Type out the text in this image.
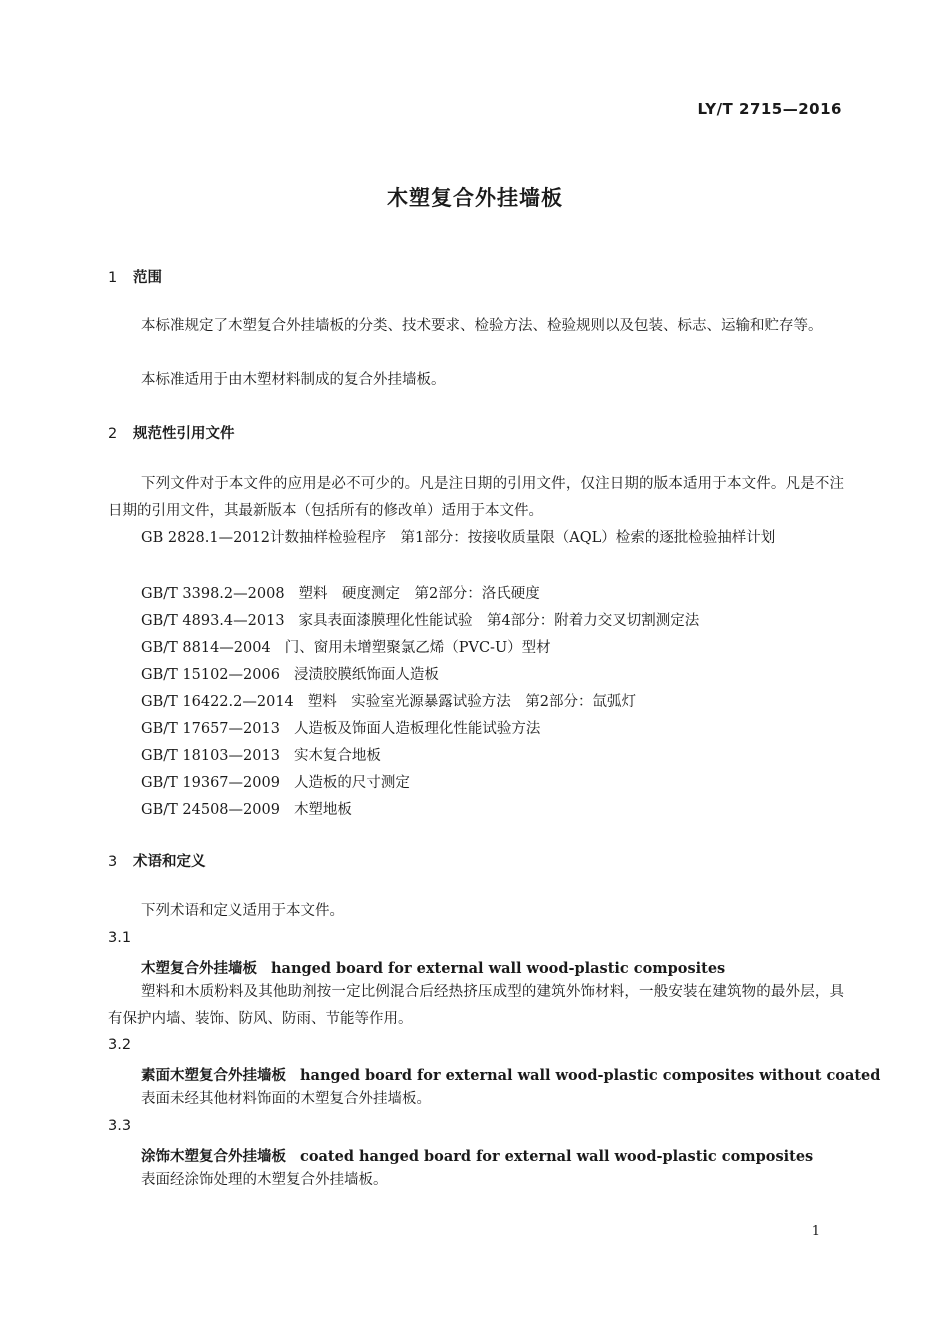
LY/T 2715—2016
木塑复合外挂墙板
1 范围
本标准规定了木塑复合外挂墙板的分类、技术要求、检验方法、检验规则以及包装、标志、运输和贮存等。
本标准适用于由木塑材料制成的复合外挂墙板。
2 规范性引用文件
下列文件对于本文件的应用是必不可少的。凡是注日期的引用文件，仅注日期的版本适用于本文件。凡是不注日期的引用文件，其最新版本（包括所有的修改单）适用于本文件。
GB 2828.1—2012计数抽样检验程序　第1部分：按接收质量限（AQL）检索的逐批检验抽样计划
GB/T 3398.2—2008 塑料　硬度测定　第2部分：洛氏硬度
GB/T 4893.4—2013 家具表面漆膜理化性能试验　第4部分：附着力交叉切割测定法
GB/T 8814—2004 门、窗用未增塑聚氯乙烯（PVC-U）型材
GB/T 15102—2006 浸渍胶膜纸饰面人造板
GB/T 16422.2—2014 塑料　实验室光源暴露试验方法　第2部分：氙弧灯
GB/T 17657—2013 人造板及饰面人造板理化性能试验方法
GB/T 18103—2013 实木复合地板
GB/T 19367—2009 人造板的尺寸测定
GB/T 24508—2009 木塑地板
3 术语和定义
下列术语和定义适用于本文件。
3.1
木塑复合外挂墙板 hanged board for external wall wood-plastic composites
塑料和木质粉料及其他助剂按一定比例混合后经热挤压成型的建筑外饰材料，一般安装在建筑物的最外层，具有保护内墙、装饰、防风、防雨、节能等作用。
3.2
素面木塑复合外挂墙板 hanged board for external wall wood-plastic composites without coated
表面未经其他材料饰面的木塑复合外挂墙板。
3.3
涂饰木塑复合外挂墙板 coated hanged board for external wall wood-plastic composites
表面经涂饰处理的木塑复合外挂墙板。
1
